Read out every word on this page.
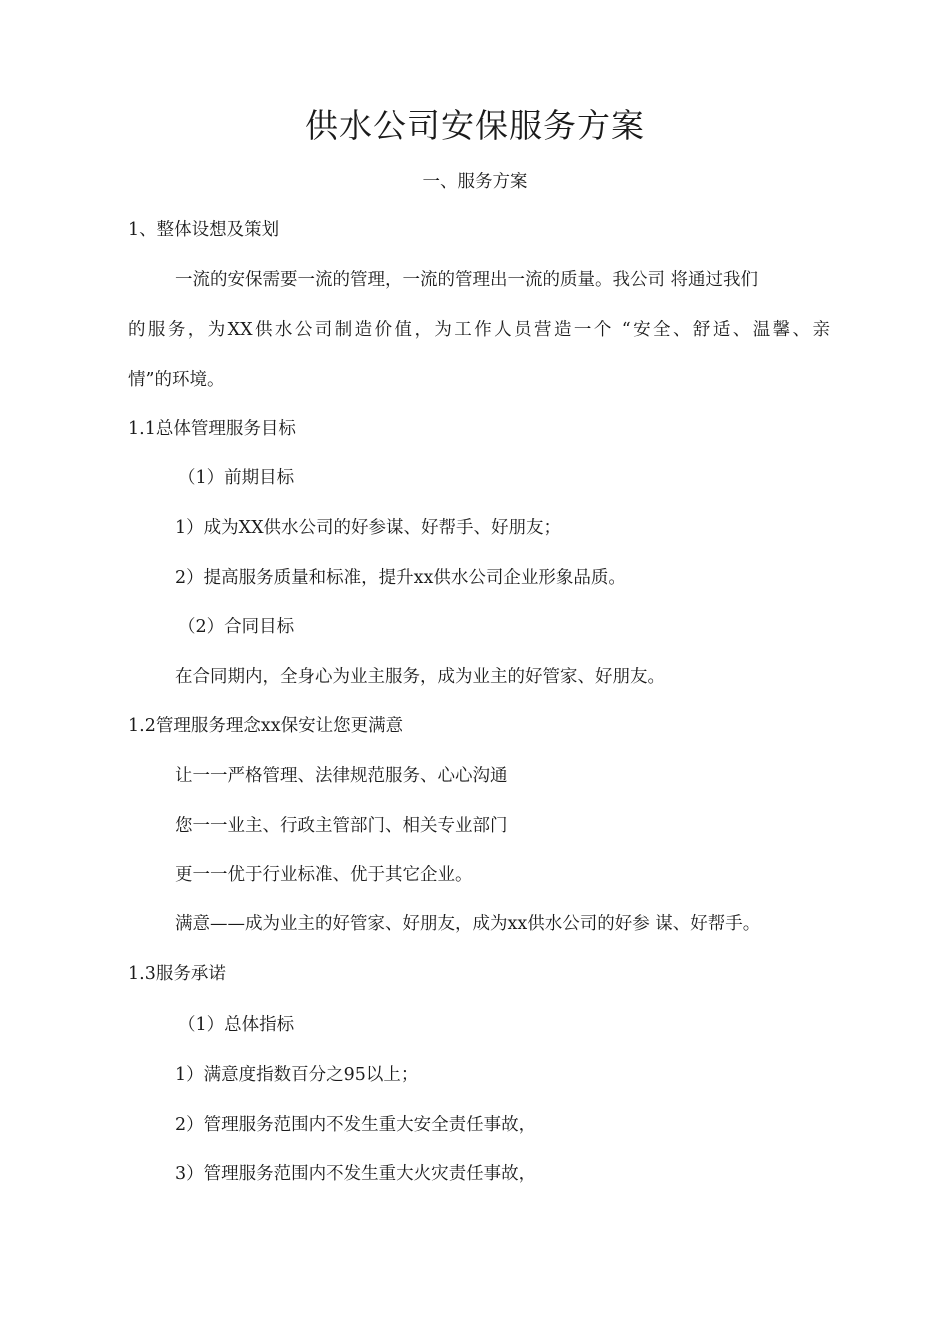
供水公司安保服务方案
一、服务方案

1、整体设想及策划

一流的安保需要一流的管理，一流的管理出一流的质量。我公司 将通过我们

的服务，为XX供水公司制造价值，为工作人员营造一个 “安全、舒适、温馨、亲

情”的环境。

1.1总体管理服务目标

（1）前期目标

1）成为XX供水公司的好参谋、好帮手、好朋友；

2）提高服务质量和标准，提升xx供水公司企业形象品质。

（2）合同目标

在合同期内，全身心为业主服务，成为业主的好管家、好朋友。

1.2管理服务理念xx保安让您更满意

让一一严格管理、法律规范服务、心心沟通

您一一业主、行政主管部门、相关专业部门

更一一优于行业标准、优于其它企业。

满意——成为业主的好管家、好朋友，成为xx供水公司的好参 谋、好帮手。

1.3服务承诺

（1）总体指标

1）满意度指数百分之95以上；

2）管理服务范围内不发生重大安全责任事故，

3）管理服务范围内不发生重大火灾责任事故，
